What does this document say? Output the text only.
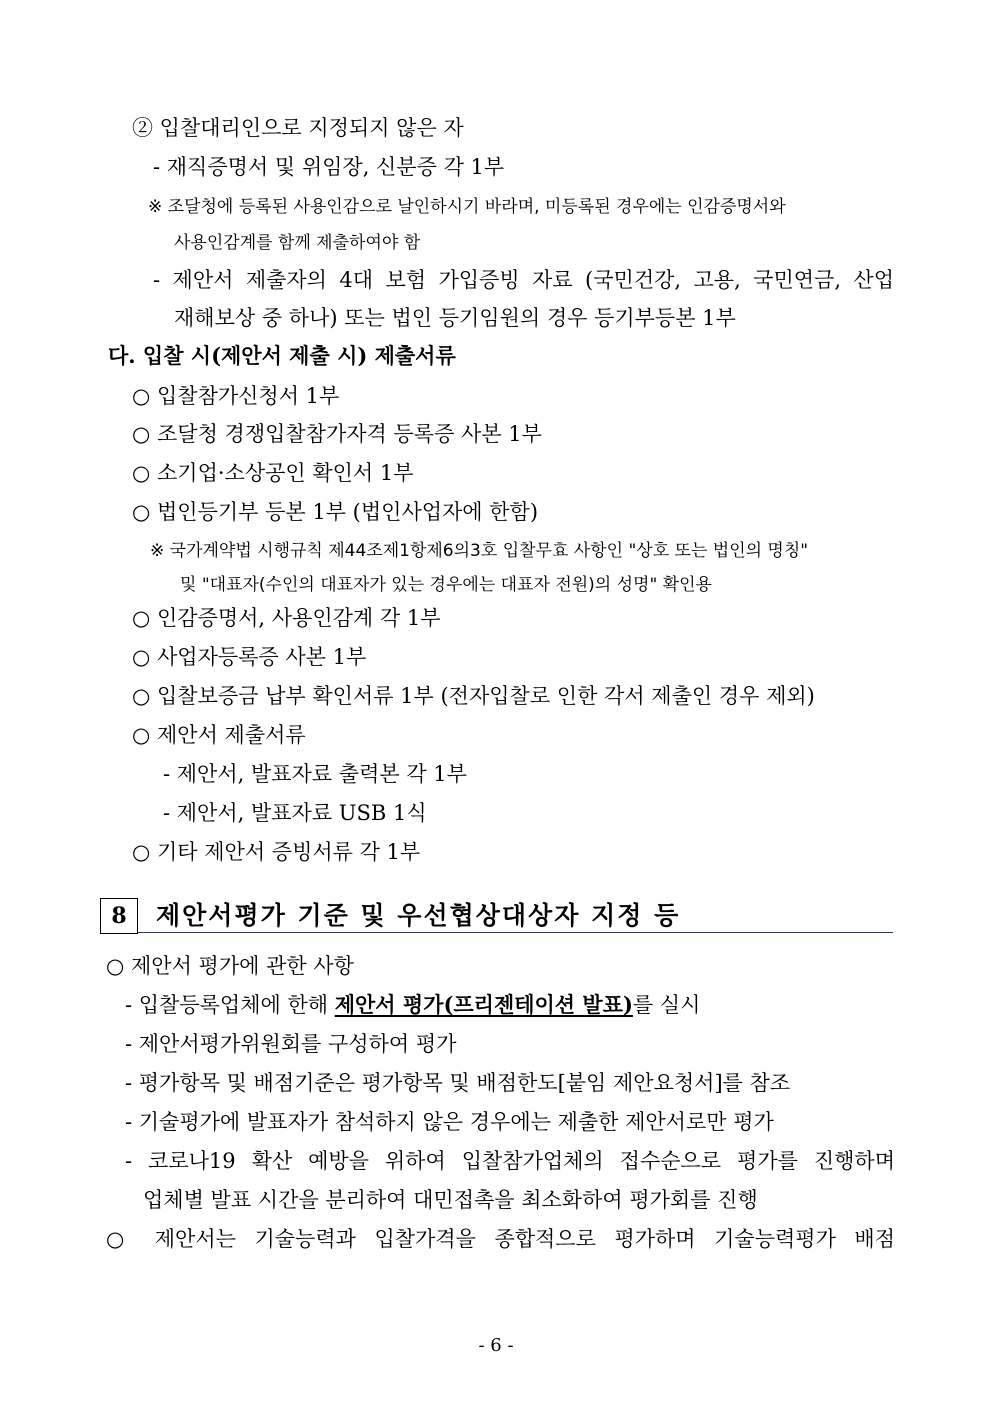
② 입찰대리인으로 지정되지 않은 자
- 재직증명서 및 위임장, 신분증 각 1부
※ 조달청에 등록된 사용인감으로 날인하시기 바라며, 미등록된 경우에는 인감증명서와
사용인감계를 함께 제출하여야 함
- 제안서 제출자의 4대 보험 가입증빙 자료 (국민건강, 고용, 국민연금, 산업
재해보상 중 하나) 또는 법인 등기임원의 경우 등기부등본 1부
다. 입찰 시(제안서 제출 시) 제출서류
○ 입찰참가신청서 1부
○ 조달청 경쟁입찰참가자격 등록증 사본 1부
○ 소기업·소상공인 확인서 1부
○ 법인등기부 등본 1부 (법인사업자에 한함)
※ 국가계약법 시행규칙 제44조제1항제6의3호 입찰무효 사항인 "상호 또는 법인의 명칭"
및 "대표자(수인의 대표자가 있는 경우에는 대표자 전원)의 성명" 확인용
○ 인감증명서, 사용인감계 각 1부
○ 사업자등록증 사본 1부
○ 입찰보증금 납부 확인서류 1부 (전자입찰로 인한 각서 제출인 경우 제외)
○ 제안서 제출서류
- 제안서, 발표자료 출력본 각 1부
- 제안서, 발표자료 USB 1식
○ 기타 제안서 증빙서류 각 1부
8	제안서평가 기준 및 우선협상대상자 지정 등
○ 제안서 평가에 관한 사항
- 입찰등록업체에 한해 제안서 평가(프리젠테이션 발표)를 실시
- 제안서평가위원회를 구성하여 평가
- 평가항목 및 배점기준은 평가항목 및 배점한도[붙임 제안요청서]를 참조
- 기술평가에 발표자가 참석하지 않은 경우에는 제출한 제안서로만 평가
- 코로나19 확산 예방을 위하여 입찰참가업체의 접수순으로 평가를 진행하며
업체별 발표 시간을 분리하여 대민접촉을 최소화하여 평가회를 진행
○ 제안서는 기술능력과 입찰가격을 종합적으로 평가하며 기술능력평가 배점
- 6 -
